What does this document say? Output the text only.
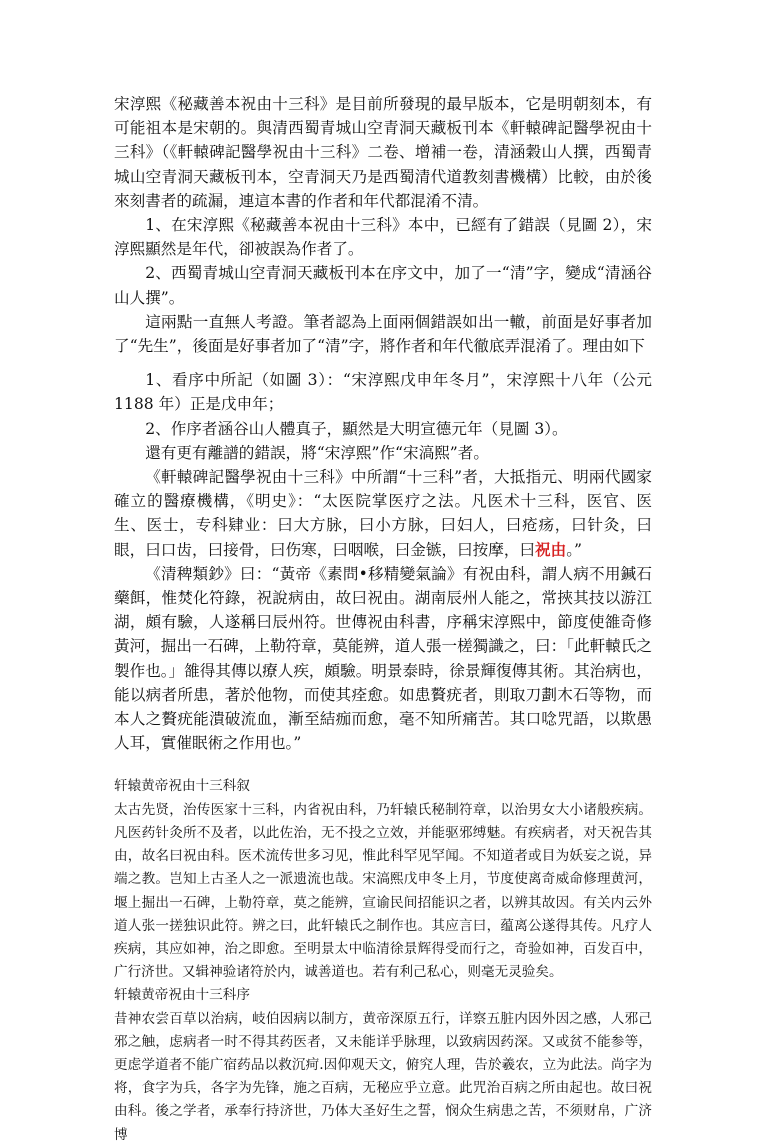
宋淳熙《秘藏善本祝由十三科》是目前所發現的最早版本，它是明朝刻本，有可能祖本是宋朝的。與清西蜀青城山空青洞天藏板刊本《軒轅碑記醫學祝由十三科》（《軒轅碑記醫學祝由十三科》二卷、增補一卷，清涵穀山人撰，西蜀青城山空青洞天藏板刊本，空青洞天乃是西蜀清代道教刻書機構）比較，由於後來刻書者的疏漏，連這本書的作者和年代都混淆不清。

1、在宋淳熙《秘藏善本祝由十三科》本中，已經有了錯誤（見圖 2），宋淳熙顯然是年代，卻被誤為作者了。

2、西蜀青城山空青洞天藏板刊本在序文中，加了一“清”字，變成“清涵谷山人撰”。

這兩點一直無人考證。筆者認為上面兩個錯誤如出一轍，前面是好事者加了“先生”，後面是好事者加了“清”字，將作者和年代徹底弄混淆了。理由如下

1、看序中所記（如圖 3）：“宋淳熙戊申年冬月”，宋淳熙十八年（公元 1188 年）正是戊申年；

2、作序者涵谷山人體真子，顯然是大明宣德元年（見圖 3）。

還有更有離譜的錯誤，將“宋淳熙”作“宋滈熙”者。

《軒轅碑記醫學祝由十三科》中所謂“十三科”者，大抵指元、明兩代國家確立的醫療機構，《明史》：“太医院掌医疗之法。凡医术十三科，医官、医生、医士，专科肄业：曰大方脉，曰小方脉，曰妇人，曰疮疡，曰针灸，曰眼，曰口齿，曰接骨，曰伤寒，曰咽喉，曰金镞，曰按摩，曰祝由。”

《清稗類鈔》曰：“黃帝《素問•移精變氣論》有祝由科，謂人病不用鍼石藥餌，惟焚化符錄，祝說病由，故曰祝由。湖南辰州人能之，常挾其技以游江湖，頗有驗，人遂稱曰辰州符。世傳祝由科書，序稱宋淳熙中，節度使雒奇修黃河，掘出一石碑，上勒符章，莫能辨，道人張一槎獨識之，曰：「此軒轅氏之製作也。」雒得其傳以療人疾，頗驗。明景泰時，徐景輝復傳其術。其治病也，能以病者所患，著於他物，而使其痊愈。如患贅疣者，則取刀劃木石等物，而本人之贅疣能潰破流血，漸至結痂而愈，毫不知所痛苦。其口唸咒語，以欺愚人耳，實催眠術之作用也。”

轩辕黄帝祝由十三科叙

太古先贤，治传医家十三科，内省祝由科，乃轩辕氏秘制符章，以治男女大小诸般疾病。凡医药针灸所不及者，以此佐治，无不投之立效，并能驱邪缚魅。有疾病者，对天祝告其由，故名曰祝由科。医术流传世多习见，惟此科罕见罕闻。不知道者或目为妖妄之说，异端之教。岂知上古圣人之一派遗流也哉。宋滈熙戊申冬上月，节度使离奇威命修理黄河，堰上掘出一石碑，上勒符章，莫之能辨，宣谕民间招能识之者，以辨其故因。有关内云外道人张一搓独识此符。辨之曰，此轩辕氏之制作也。其应言曰，蕴离公遂得其传。凡疗人疾病，其应如神，治之即愈。至明景太中临清徐景辉得受而行之，奇验如神，百发百中，广行济世。又辑神验诸符於内，诚善道也。若有利己私心，则毫无灵验矣。

轩辕黄帝祝由十三科序

昔神农尝百草以治病，岐伯因病以制方，黄帝深原五行，详察五脏内因外因之感，人邪己邪之触，虑病者一时不得其药医者，又未能详乎脉理，以致病因药深。又或贫不能参等，更虑学道者不能广宿药品以救沉疴.因仰观天文，俯究人理，告於羲农，立为此法。尚字为将，食字为兵，各字为先锋，施之百病，无秘应乎立意。此咒治百病之所由起也。故曰祝由科。後之学者，承奉行持济世，乃体大圣好生之誓，悯众生病患之苦，不须财帛，广济博
